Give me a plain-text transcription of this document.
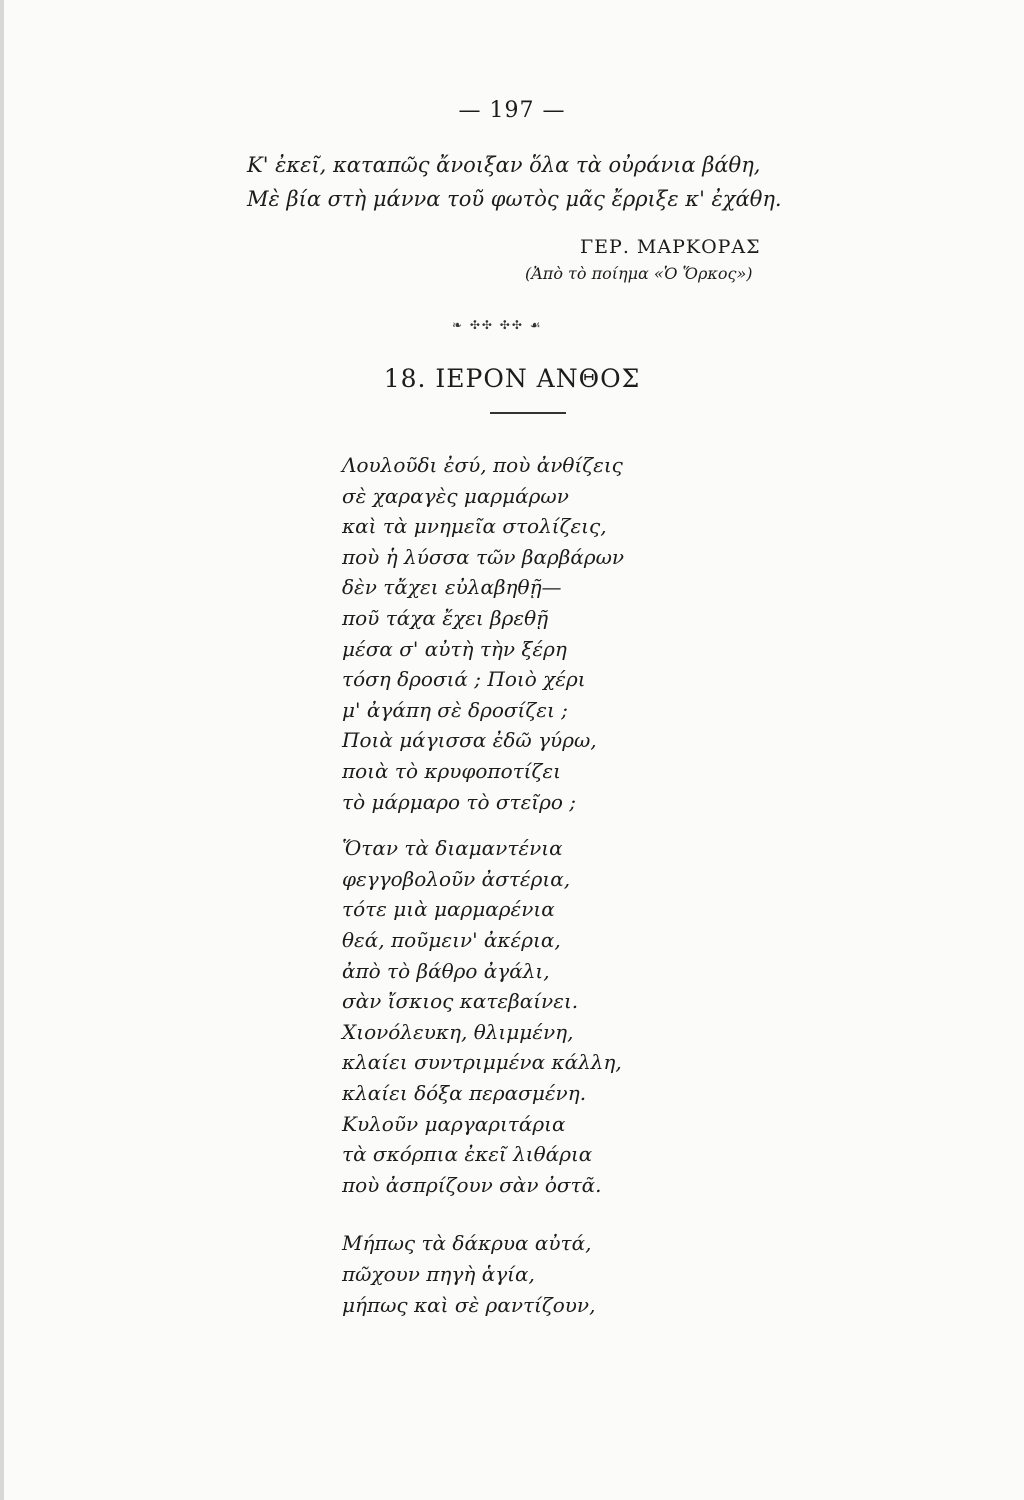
— 197 —
Κ' ἐκεῖ, καταπῶς ἄνοιξαν ὅλα τὰ οὐράνια βάθη,
Μὲ βία στὴ μάννα τοῦ φωτὸς μᾶς ἔρριξε κ' ἐχάθη.
ΓΕΡ. ΜΑΡΚΟΡΑΣ
(Ἀπὸ τὸ ποίημα «Ὁ Ὅρκος»)
❧ ✣✣ ✣✣ ☙
18. ΙΕΡΟΝ ΑΝΘΟΣ
Λουλοῦδι ἐσύ, ποὺ ἀνθίζεις
σὲ χαραγὲς μαρμάρων
καὶ τὰ μνημεῖα στολίζεις,
ποὺ ἡ λύσσα τῶν βαρβάρων
δὲν τἄχει εὐλαβηθῇ—
ποῦ τάχα ἔχει βρεθῇ
μέσα σ' αὐτὴ τὴν ξέρη
τόση δροσιά ; Ποιὸ χέρι
μ' ἀγάπη σὲ δροσίζει ;
Ποιὰ μάγισσα ἐδῶ γύρω,
ποιὰ τὸ κρυφοποτίζει
τὸ μάρμαρο τὸ στεῖρο ;
Ὅταν τὰ διαμαντένια
φεγγοβολοῦν ἀστέρια,
τότε μιὰ μαρμαρένια
θεά, ποῦμειν' ἀκέρια,
ἀπὸ τὸ βάθρο ἀγάλι,
σὰν ἴσκιος κατεβαίνει.
Χιονόλευκη, θλιμμένη,
κλαίει συντριμμένα κάλλη,
κλαίει δόξα περασμένη.
Κυλοῦν μαργαριτάρια
τὰ σκόρπια ἐκεῖ λιθάρια
ποὺ ἀσπρίζουν σὰν ὀστᾶ.
Μήπως τὰ δάκρυα αὐτά,
πῶχουν πηγὴ ἁγία,
μήπως καὶ σὲ ραντίζουν,
